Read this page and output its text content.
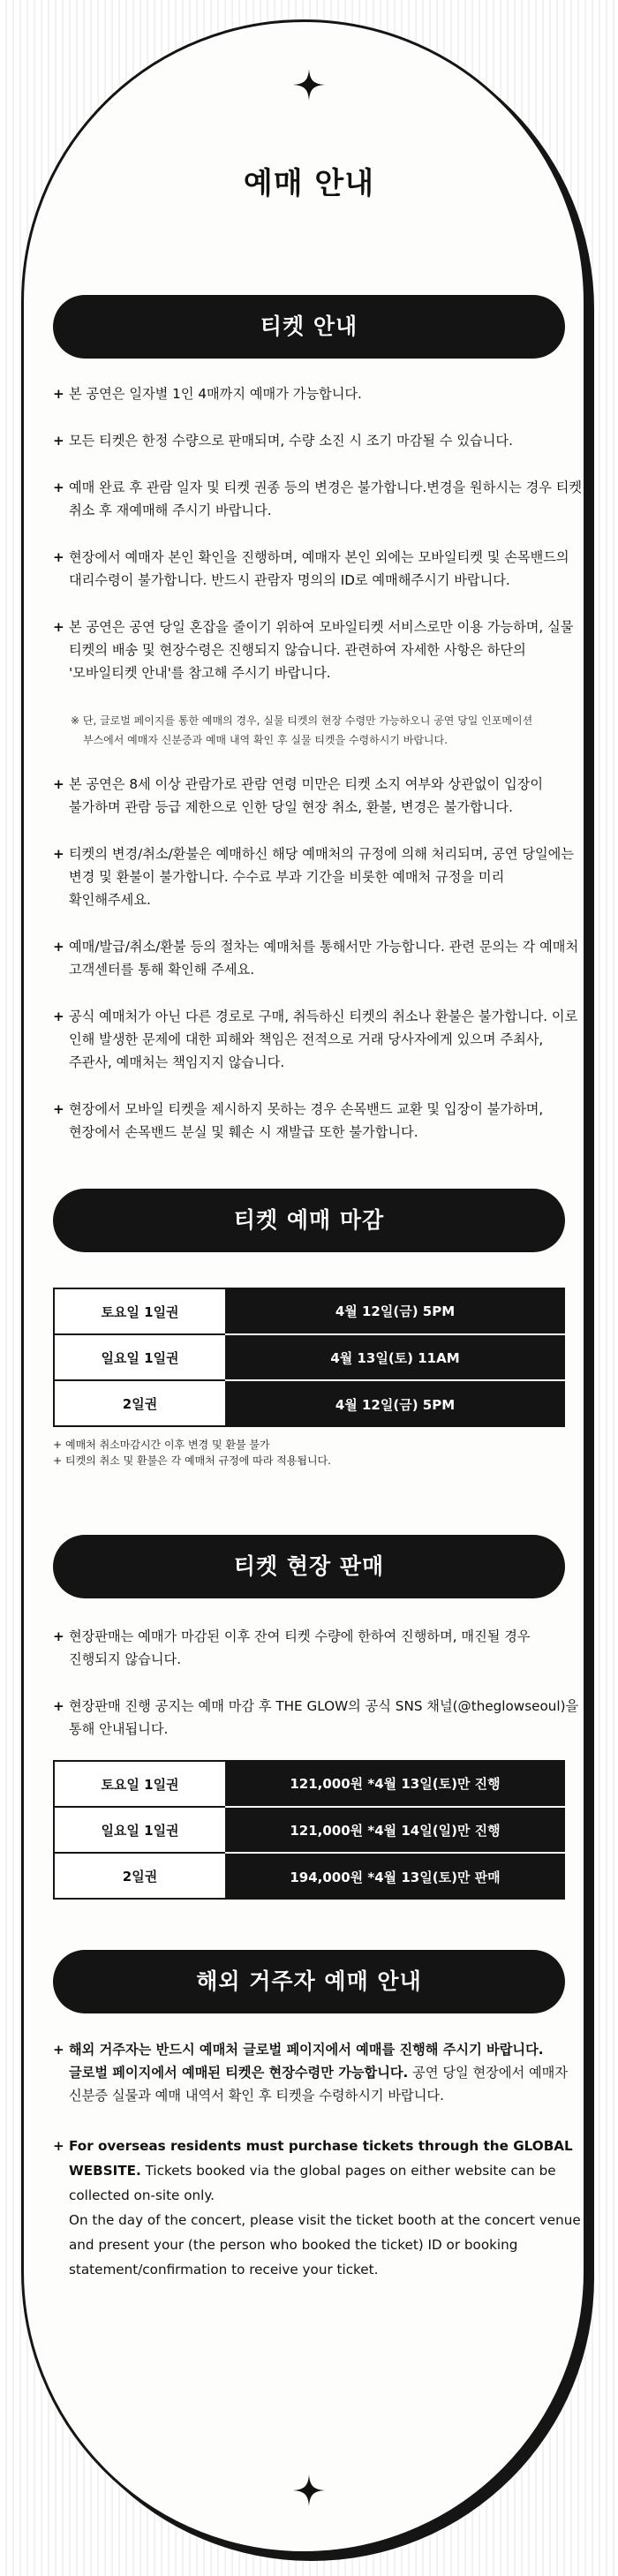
예매 안내
티켓 안내
+ 본 공연은 일자별 1인 4매까지 예매가 가능합니다.
+ 모든 티켓은 한정 수량으로 판매되며, 수량 소진 시 조기 마감될 수 있습니다.
+ 예매 완료 후 관람 일자 및 티켓 권종 등의 변경은 불가합니다.변경을 원하시는 경우 티켓 취소 후 재예매해 주시기 바랍니다.
+ 현장에서 예매자 본인 확인을 진행하며, 예매자 본인 외에는 모바일티켓 및 손목밴드의 대리수령이 불가합니다. 반드시 관람자 명의의 ID로 예매해주시기 바랍니다.
+ 본 공연은 공연 당일 혼잡을 줄이기 위하여 모바일티켓 서비스로만 이용 가능하며, 실물 티켓의 배송 및 현장수령은 진행되지 않습니다. 관련하여 자세한 사항은 하단의 '모바일티켓 안내'를 참고해 주시기 바랍니다.
※ 단, 글로벌 페이지를 통한 예매의 경우, 실물 티켓의 현장 수령만 가능하오니 공연 당일 인포메이션 부스에서 예매자 신분증과 예매 내역 확인 후 실물 티켓을 수령하시기 바랍니다.
+ 본 공연은 8세 이상 관람가로 관람 연령 미만은 티켓 소지 여부와 상관없이 입장이 불가하며 관람 등급 제한으로 인한 당일 현장 취소, 환불, 변경은 불가합니다.
+ 티켓의 변경/취소/환불은 예매하신 해당 예매처의 규정에 의해 처리되며, 공연 당일에는 변경 및 환불이 불가합니다. 수수료 부과 기간을 비롯한 예매처 규정을 미리 확인해주세요.
+ 예매/발급/취소/환불 등의 절차는 예매처를 통해서만 가능합니다. 관련 문의는 각 예매처 고객센터를 통해 확인해 주세요.
+ 공식 예매처가 아닌 다른 경로로 구매, 취득하신 티켓의 취소나 환불은 불가합니다. 이로 인해 발생한 문제에 대한 피해와 책임은 전적으로 거래 당사자에게 있으며 주최사, 주관사, 예매처는 책임지지 않습니다.
+ 현장에서 모바일 티켓을 제시하지 못하는 경우 손목밴드 교환 및 입장이 불가하며, 현장에서 손목밴드 분실 및 훼손 시 재발급 또한 불가합니다.
티켓 예매 마감
토요일 1일권	4월 12일(금) 5PM
일요일 1일권	4월 13일(토) 11AM
2일권	4월 12일(금) 5PM
+ 예매처 취소마감시간 이후 변경 및 환불 불가
+ 티켓의 취소 및 환불은 각 예매처 규정에 따라 적용됩니다.
티켓 현장 판매
+ 현장판매는 예매가 마감된 이후 잔여 티켓 수량에 한하여 진행하며, 매진될 경우 진행되지 않습니다.
+ 현장판매 진행 공지는 예매 마감 후 THE GLOW의 공식 SNS 채널(@theglowseoul)을 통해 안내됩니다.
토요일 1일권	121,000원 *4월 13일(토)만 진행
일요일 1일권	121,000원 *4월 14일(일)만 진행
2일권	194,000원 *4월 13일(토)만 판매
해외 거주자 예매 안내
+ 해외 거주자는 반드시 예매처 글로벌 페이지에서 예매를 진행해 주시기 바랍니다. 글로벌 페이지에서 예매된 티켓은 현장수령만 가능합니다. 공연 당일 현장에서 예매자 신분증 실물과 예매 내역서 확인 후 티켓을 수령하시기 바랍니다.
+ For overseas residents must purchase tickets through the GLOBAL WEBSITE. Tickets booked via the global pages on either website can be collected on-site only.
On the day of the concert, please visit the ticket booth at the concert venue and present your (the person who booked the ticket) ID or booking statement/confirmation to receive your ticket.
